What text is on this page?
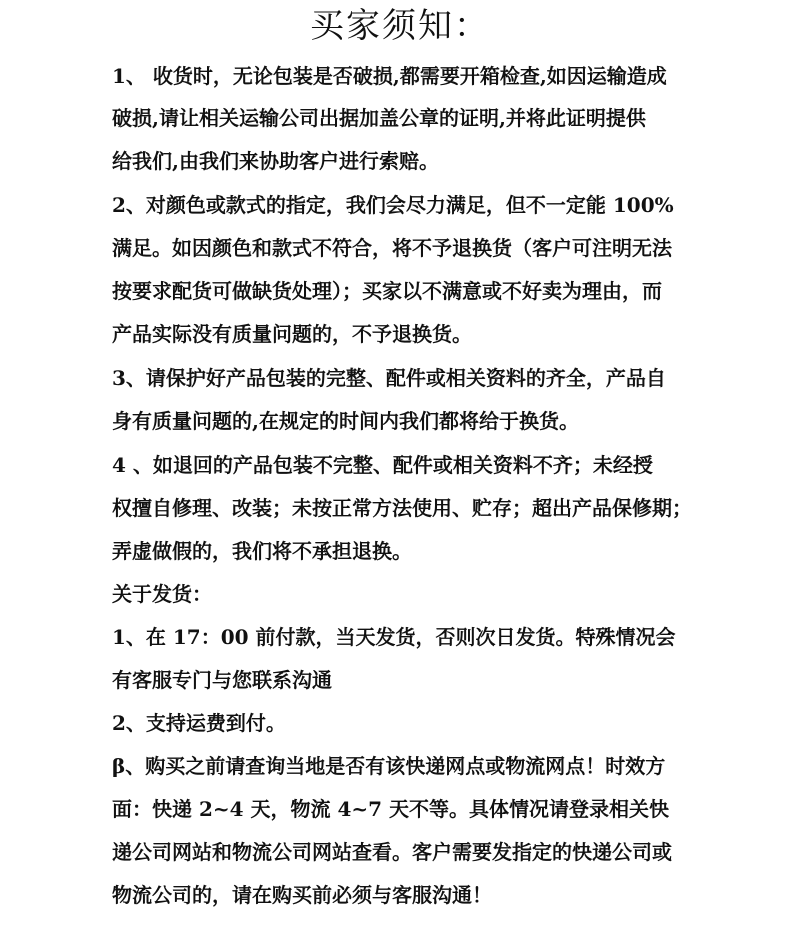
买家须知：
1、 收货时，无论包装是否破损,都需要开箱检查,如因运输造成
破损,请让相关运输公司出据加盖公章的证明,并将此证明提供
给我们,由我们来协助客户进行索赔。
2、对颜色或款式的指定，我们会尽力满足，但不一定能 100%
满足。如因颜色和款式不符合，将不予退换货（客户可注明无法
按要求配货可做缺货处理）；买家以不满意或不好卖为理由，而
产品实际没有质量问题的，不予退换货。
3、请保护好产品包装的完整、配件或相关资料的齐全，产品自
身有质量问题的,在规定的时间内我们都将给于换货。
4 、如退回的产品包装不完整、配件或相关资料不齐；未经授
权擅自修理、改装；未按正常方法使用、贮存；超出产品保修期；
弄虚做假的，我们将不承担退换。
关于发货：
1、在 17：00 前付款，当天发货，否则次日发货。特殊情况会
有客服专门与您联系沟通
2、支持运费到付。
β、购买之前请查询当地是否有该快递网点或物流网点！时效方
面：快递 2~4 天，物流 4~7 天不等。具体情况请登录相关快
递公司网站和物流公司网站查看。客户需要发指定的快递公司或
物流公司的，请在购买前必须与客服沟通！
